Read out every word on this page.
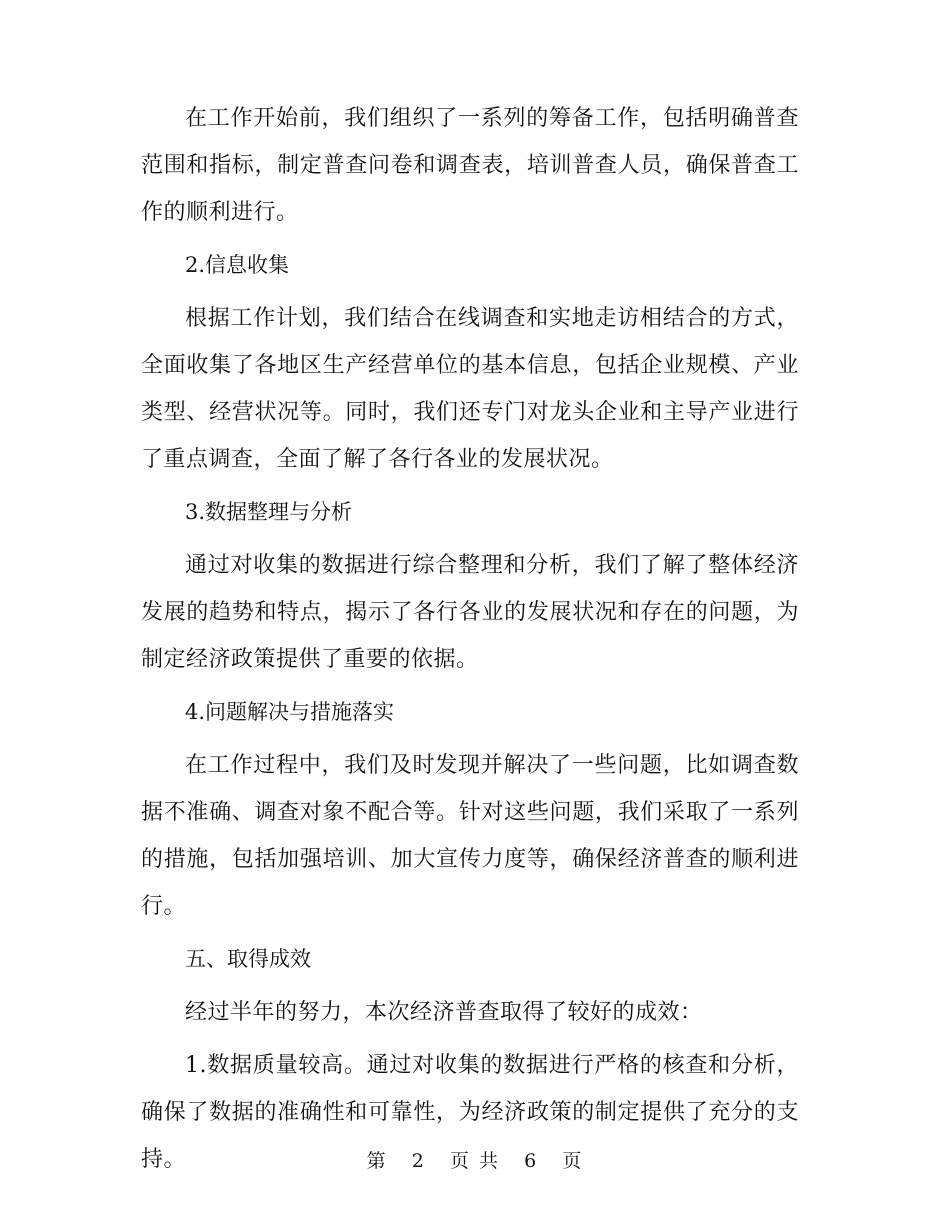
在工作开始前，我们组织了一系列的筹备工作，包括明确普查范围和指标，制定普查问卷和调查表，培训普查人员，确保普查工作的顺利进行。

2.信息收集

根据工作计划，我们结合在线调查和实地走访相结合的方式，全面收集了各地区生产经营单位的基本信息，包括企业规模、产业类型、经营状况等。同时，我们还专门对龙头企业和主导产业进行了重点调查，全面了解了各行各业的发展状况。

3.数据整理与分析

通过对收集的数据进行综合整理和分析，我们了解了整体经济发展的趋势和特点，揭示了各行各业的发展状况和存在的问题，为制定经济政策提供了重要的依据。

4.问题解决与措施落实

在工作过程中，我们及时发现并解决了一些问题，比如调查数据不准确、调查对象不配合等。针对这些问题，我们采取了一系列的措施，包括加强培训、加大宣传力度等，确保经济普查的顺利进行。

五、取得成效

经过半年的努力，本次经济普查取得了较好的成效：

1.数据质量较高。通过对收集的数据进行严格的核查和分析，确保了数据的准确性和可靠性，为经济政策的制定提供了充分的支持。	第 2 页 共 6 页
